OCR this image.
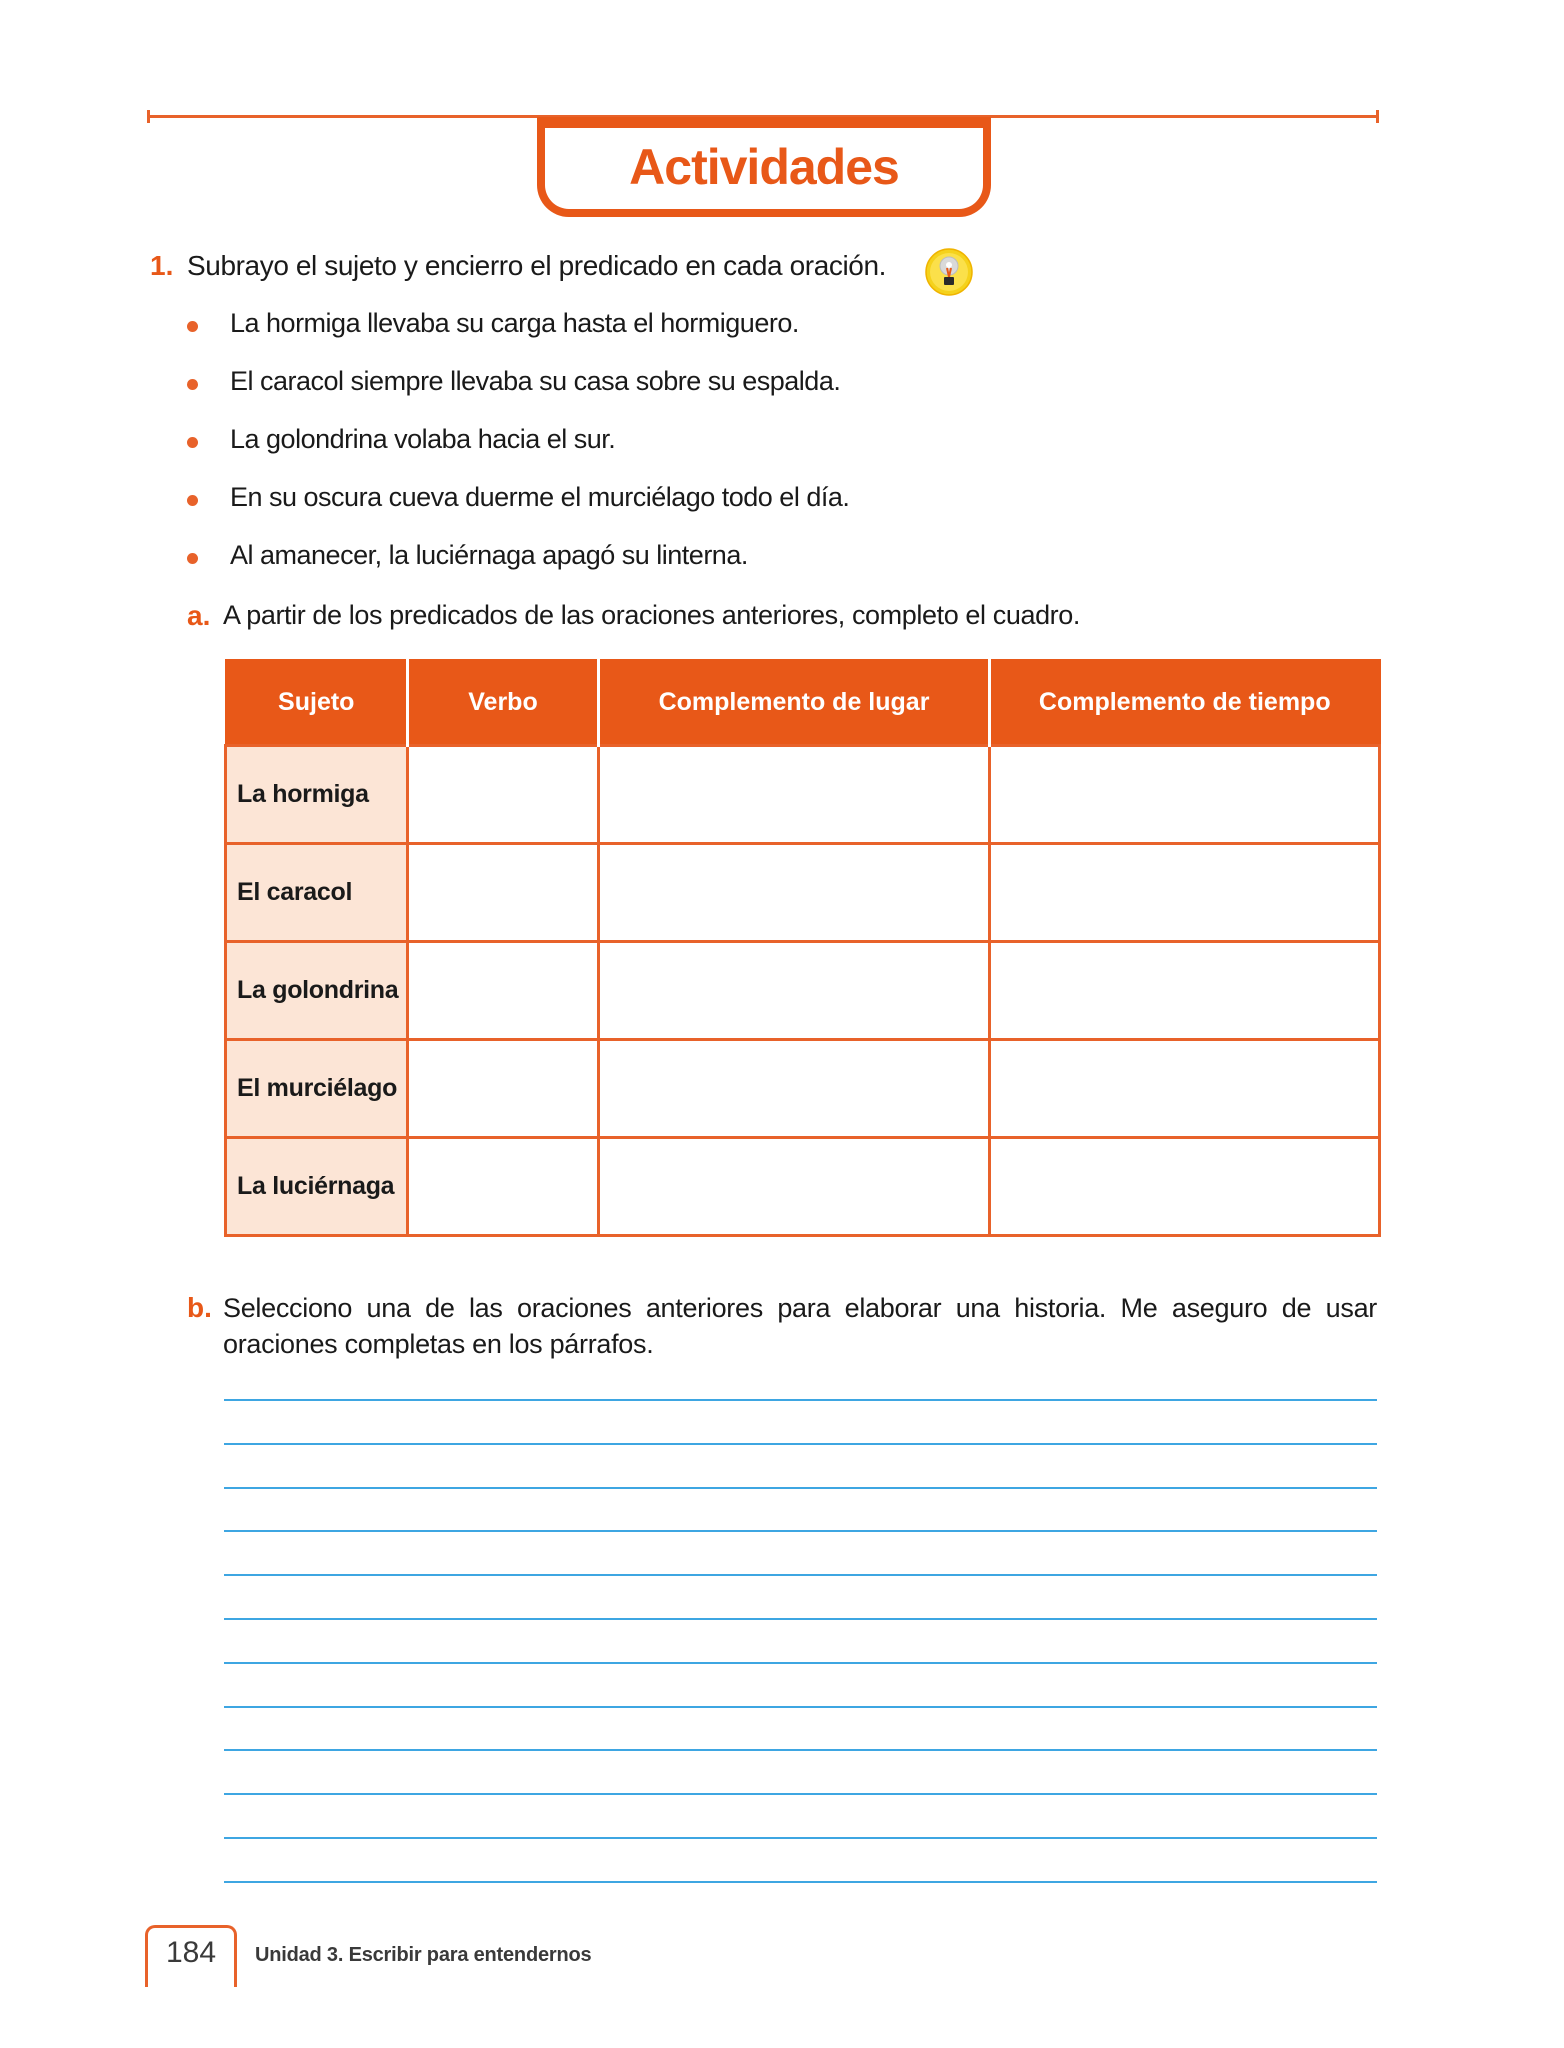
Actividades
1. Subrayo el sujeto y encierro el predicado en cada oración.
La hormiga llevaba su carga hasta el hormiguero.
El caracol siempre llevaba su casa sobre su espalda.
La golondrina volaba hacia el sur.
En su oscura cueva duerme el murciélago todo el día.
Al amanecer, la luciérnaga apagó su linterna.
a. A partir de los predicados de las oraciones anteriores, completo el cuadro.
Sujeto	Verbo	Complemento de lugar	Complemento de tiempo
La hormiga			
El caracol			
La golondrina			
El murciélago			
La luciérnaga			
b. Selecciono una de las oraciones anteriores para elaborar una historia. Me aseguro de usar oraciones completas en los párrafos.
184 Unidad 3. Escribir para entendernos
